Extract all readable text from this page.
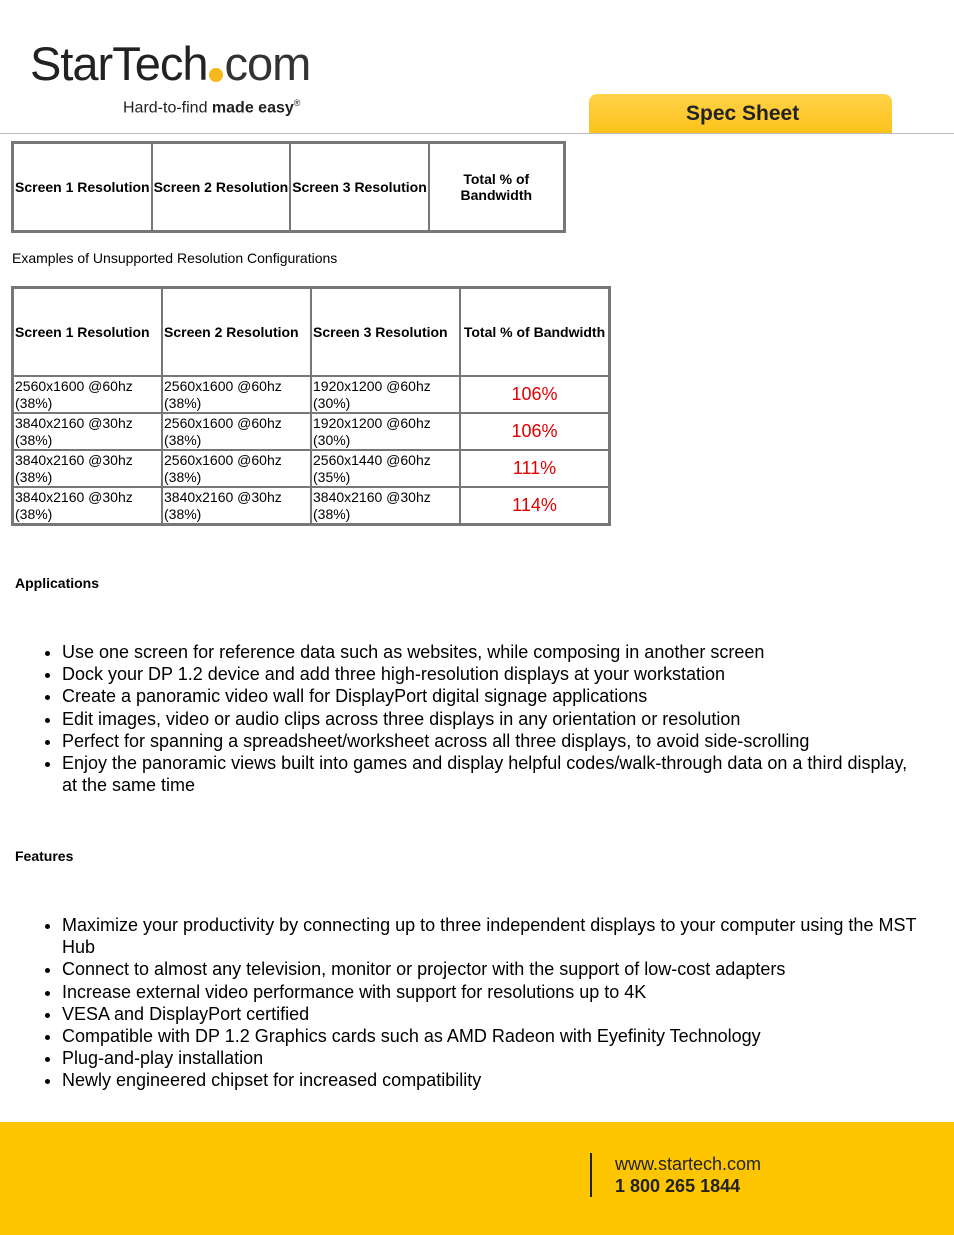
StarTech com
Hard-to-find made easy®	Spec Sheet
Screen 1 Resolution	Screen 2 Resolution	Screen 3 Resolution	Total % of Bandwidth
Examples of Unsupported Resolution Configurations
Screen 1 Resolution	Screen 2 Resolution	Screen 3 Resolution	Total % of Bandwidth
2560x1600 @60hz (38%)	2560x1600 @60hz (38%)	1920x1200 @60hz (30%)	106%
3840x2160 @30hz (38%)	2560x1600 @60hz (38%)	1920x1200 @60hz (30%)	106%
3840x2160 @30hz (38%)	2560x1600 @60hz (38%)	2560x1440 @60hz (35%)	111%
3840x2160 @30hz (38%)	3840x2160 @30hz (38%)	3840x2160 @30hz (38%)	114%
Applications
• Use one screen for reference data such as websites, while composing in another screen
• Dock your DP 1.2 device and add three high-resolution displays at your workstation
• Create a panoramic video wall for DisplayPort digital signage applications
• Edit images, video or audio clips across three displays in any orientation or resolution
• Perfect for spanning a spreadsheet/worksheet across all three displays, to avoid side-scrolling
• Enjoy the panoramic views built into games and display helpful codes/walk-through data on a third display, at the same time
Features
• Maximize your productivity by connecting up to three independent displays to your computer using the MST Hub
• Connect to almost any television, monitor or projector with the support of low-cost adapters
• Increase external video performance with support for resolutions up to 4K
• VESA and DisplayPort certified
• Compatible with DP 1.2 Graphics cards such as AMD Radeon with Eyefinity Technology
• Plug-and-play installation
• Newly engineered chipset for increased compatibility
www.startech.com
1 800 265 1844
